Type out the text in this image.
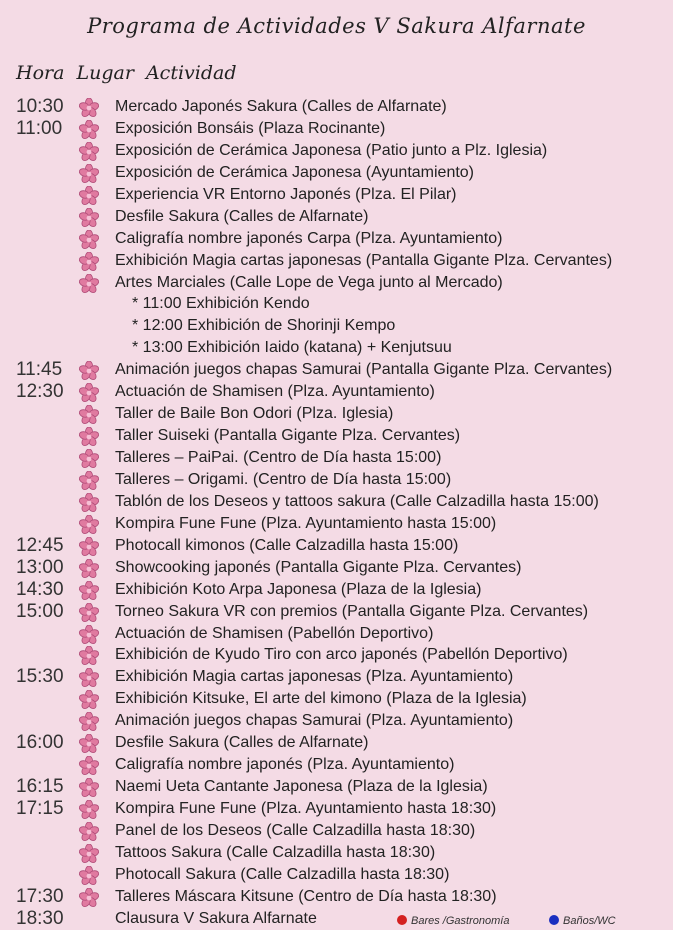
Programa de Actividades V Sakura Alfarnate
Hora Lugar Actividad
10:30	Mercado Japonés Sakura (Calles de Alfarnate)
11:00	Exposición Bonsáis (Plaza Rocinante)
Exposición de Cerámica Japonesa (Patio junto a Plz. Iglesia)
Exposición de Cerámica Japonesa (Ayuntamiento)
Experiencia VR Entorno Japonés (Plza. El Pilar)
Desfile Sakura (Calles de Alfarnate)
Caligrafía nombre japonés Carpa (Plza. Ayuntamiento)
Exhibición Magia cartas japonesas (Pantalla Gigante Plza. Cervantes)
Artes Marciales (Calle Lope de Vega junto al Mercado)
* 11:00 Exhibición Kendo
* 12:00 Exhibición de Shorinji Kempo
* 13:00 Exhibición Iaido (katana) + Kenjutsuu
11:45	Animación juegos chapas Samurai (Pantalla Gigante Plza. Cervantes)
12:30	Actuación de Shamisen (Plza. Ayuntamiento)
Taller de Baile Bon Odori (Plza. Iglesia)
Taller Suiseki (Pantalla Gigante Plza. Cervantes)
Talleres – PaiPai. (Centro de Día hasta 15:00)
Talleres – Origami. (Centro de Día hasta 15:00)
Tablón de los Deseos y tattoos sakura (Calle Calzadilla hasta 15:00)
Kompira Fune Fune (Plza. Ayuntamiento hasta 15:00)
12:45	Photocall kimonos (Calle Calzadilla hasta 15:00)
13:00	Showcooking japonés (Pantalla Gigante Plza. Cervantes)
14:30	Exhibición Koto Arpa Japonesa (Plaza de la Iglesia)
15:00	Torneo Sakura VR con premios (Pantalla Gigante Plza. Cervantes)
Actuación de Shamisen (Pabellón Deportivo)
Exhibición de Kyudo Tiro con arco japonés (Pabellón Deportivo)
15:30	Exhibición Magia cartas japonesas (Plza. Ayuntamiento)
Exhibición Kitsuke, El arte del kimono (Plaza de la Iglesia)
Animación juegos chapas Samurai (Plza. Ayuntamiento)
16:00	Desfile Sakura (Calles de Alfarnate)
Caligrafía nombre japonés (Plza. Ayuntamiento)
16:15	Naemi Ueta Cantante Japonesa (Plaza de la Iglesia)
17:15	Kompira Fune Fune (Plza. Ayuntamiento hasta 18:30)
Panel de los Deseos (Calle Calzadilla hasta 18:30)
Tattoos Sakura (Calle Calzadilla hasta 18:30)
Photocall Sakura (Calle Calzadilla hasta 18:30)
17:30	Talleres Máscara Kitsune (Centro de Día hasta 18:30)
18:30	Clausura V Sakura Alfarnate	Bares /Gastronomía	Baños/WC
